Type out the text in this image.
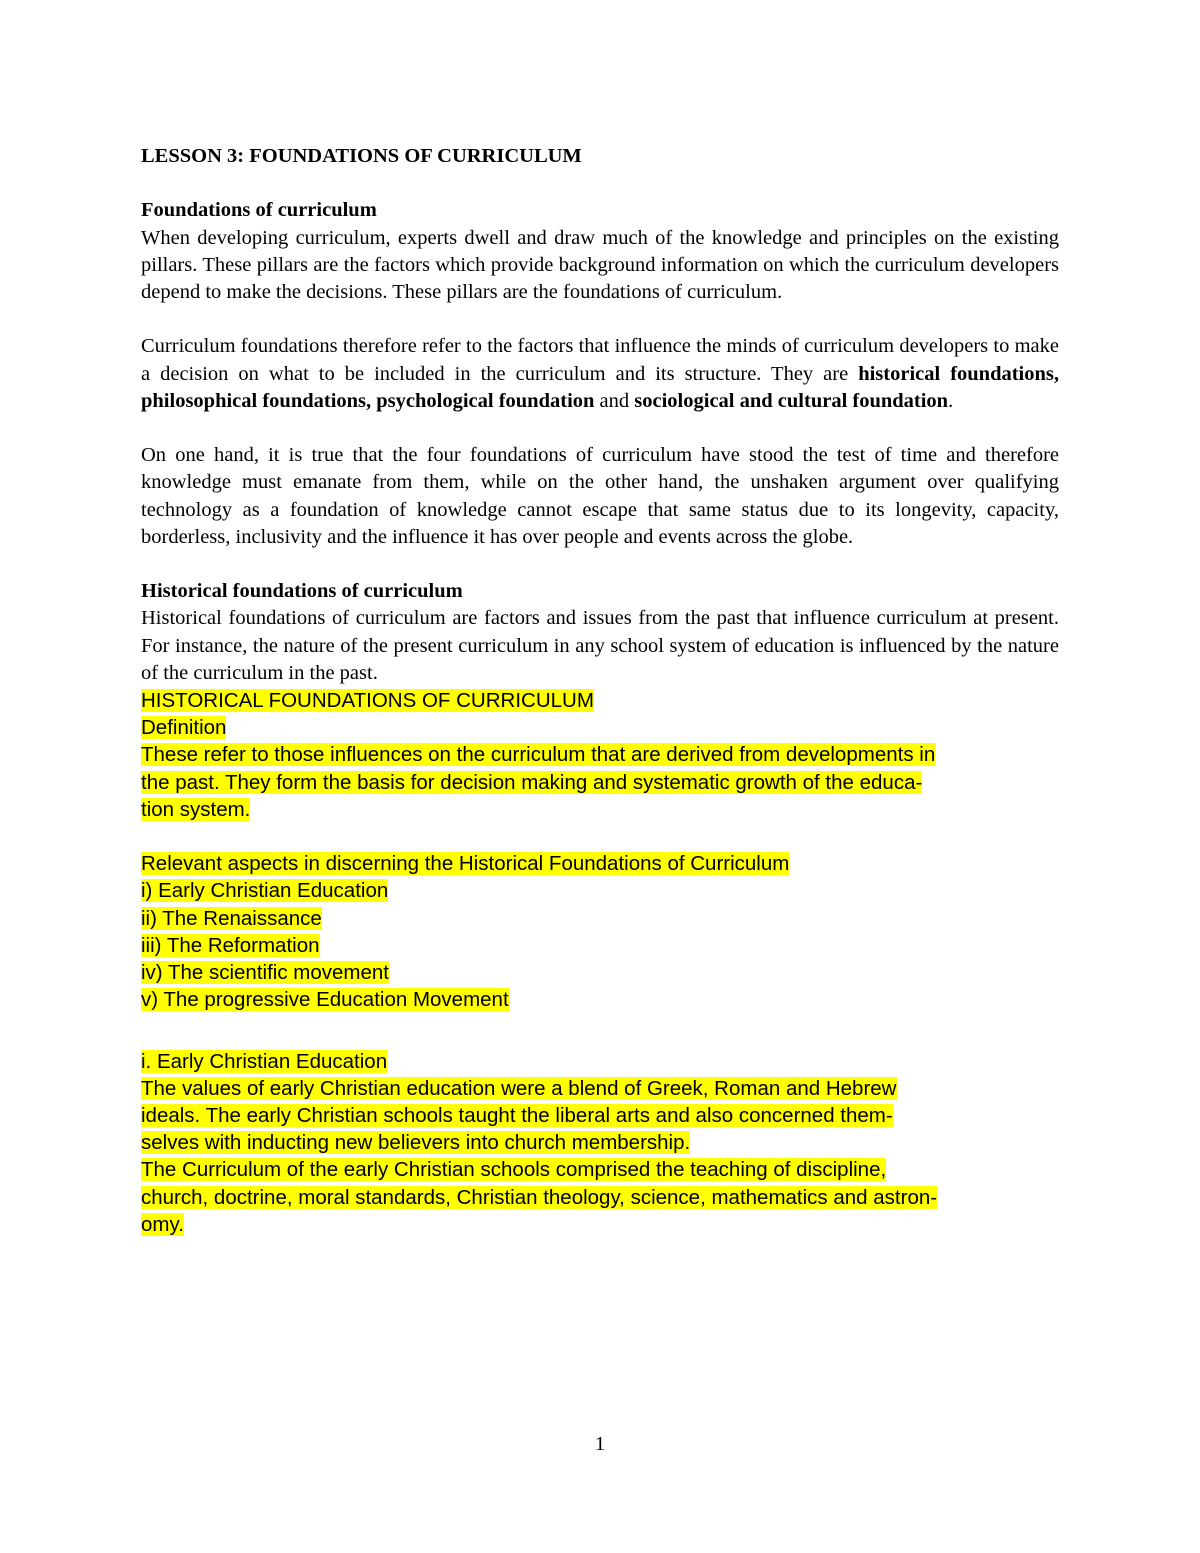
LESSON 3: FOUNDATIONS OF CURRICULUM

Foundations of curriculum

When developing curriculum, experts dwell and draw much of the knowledge and principles on the existing pillars. These pillars are the factors which provide background information on which the curriculum developers depend to make the decisions. These pillars are the foundations of curriculum.

Curriculum foundations therefore refer to the factors that influence the minds of curriculum developers to make a decision on what to be included in the curriculum and its structure. They are historical foundations, philosophical foundations, psychological foundation and sociological and cultural foundation.

On one hand, it is true that the four foundations of curriculum have stood the test of time and therefore knowledge must emanate from them, while on the other hand, the unshaken argument over qualifying technology as a foundation of knowledge cannot escape that same status due to its longevity, capacity, borderless, inclusivity and the influence it has over people and events across the globe.

Historical foundations of curriculum

Historical foundations of curriculum are factors and issues from the past that influence curriculum at present. For instance, the nature of the present curriculum in any school system of education is influenced by the nature of the curriculum in the past.

HISTORICAL FOUNDATIONS OF CURRICULUM
Definition
These refer to those influences on the curriculum that are derived from developments in
the past. They form the basis for decision making and systematic growth of the educa-
tion system.
Relevant aspects in discerning the Historical Foundations of Curriculum
i) Early Christian Education
ii) The Renaissance
iii) The Reformation
iv) The scientific movement
v) The progressive Education Movement
i. Early Christian Education
The values of early Christian education were a blend of Greek, Roman and Hebrew
ideals. The early Christian schools taught the liberal arts and also concerned them-
selves with inducting new believers into church membership.
The Curriculum of the early Christian schools comprised the teaching of discipline,
church, doctrine, moral standards, Christian theology, science, mathematics and astron-
omy.
1
